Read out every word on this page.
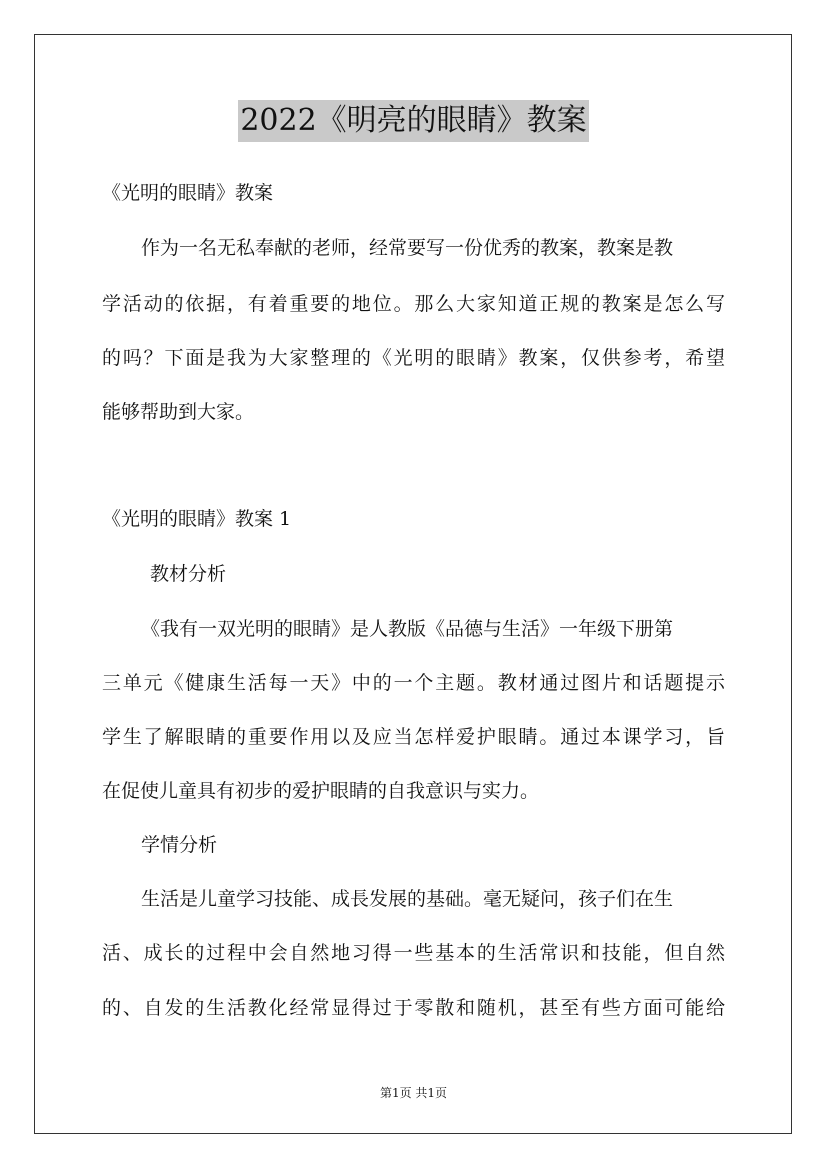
2022《明亮的眼睛》教案
《光明的眼睛》教案
作为一名无私奉献的老师，经常要写一份优秀的教案，教案是教
学活动的依据，有着重要的地位。那么大家知道正规的教案是怎么写
的吗？下面是我为大家整理的《光明的眼睛》教案，仅供参考，希望
能够帮助到大家。
《光明的眼睛》教案 1
教材分析
《我有一双光明的眼睛》是人教版《品德与生活》一年级下册第
三单元《健康生活每一天》中的一个主题。教材通过图片和话题提示
学生了解眼睛的重要作用以及应当怎样爱护眼睛。通过本课学习，旨
在促使儿童具有初步的爱护眼睛的自我意识与实力。
学情分析
生活是儿童学习技能、成長发展的基础。毫无疑问，孩子们在生
活、成长的过程中会自然地习得一些基本的生活常识和技能，但自然
的、自发的生活教化经常显得过于零散和随机，甚至有些方面可能给
第1页 共1页
